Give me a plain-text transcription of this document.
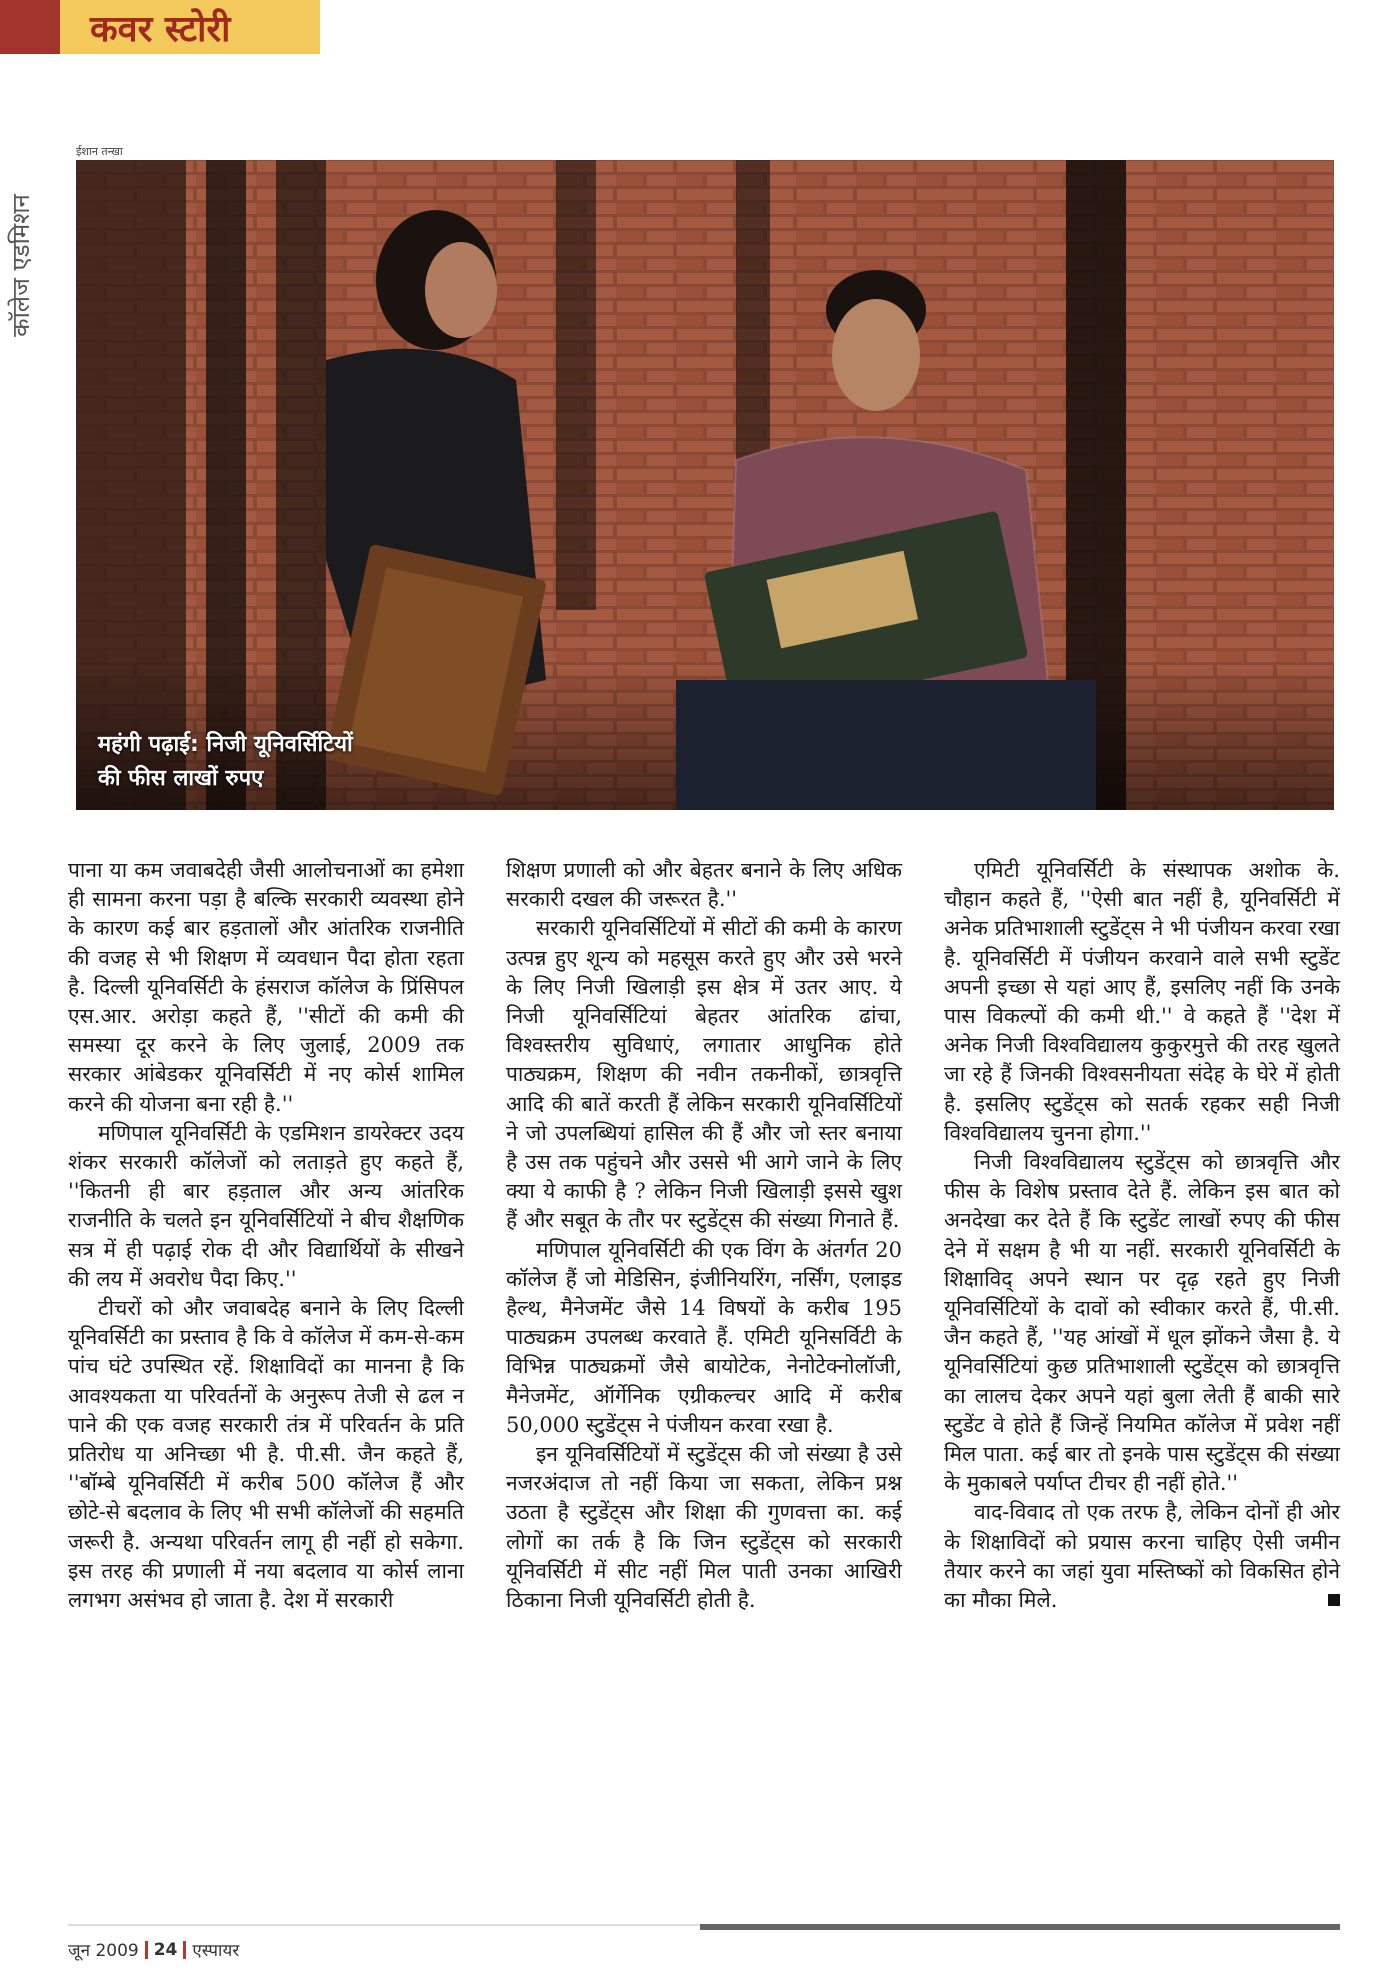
कवर स्टोरी
कॉलेज एडमिशन
ईशान तन्खा
महंगी पढ़ाई: निजी यूनिवर्सिटियों
की फीस लाखों रुपए

पाना या कम जवाबदेही जैसी आलोचनाओं का हमेशा ही सामना करना पड़ा है बल्कि सरकारी व्यवस्था होने के कारण कई बार हड़तालों और आंतरिक राजनीति की वजह से भी शिक्षण में व्यवधान पैदा होता रहता है. दिल्ली यूनिवर्सिटी के हंसराज कॉलेज के प्रिंसिपल एस.आर. अरोड़ा कहते हैं, ''सीटों की कमी की समस्या दूर करने के लिए जुलाई, 2009 तक सरकार आंबेडकर यूनिवर्सिटी में नए कोर्स शामिल करने की योजना बना रही है.''

मणिपाल यूनिवर्सिटी के एडमिशन डायरेक्टर उदय शंकर सरकारी कॉलेजों को लताड़ते हुए कहते हैं, ''कितनी ही बार हड़ताल और अन्य आंतरिक राजनीति के चलते इन यूनिवर्सिटियों ने बीच शैक्षणिक सत्र में ही पढ़ाई रोक दी और विद्यार्थियों के सीखने की लय में अवरोध पैदा किए.''

टीचरों को और जवाबदेह बनाने के लिए दिल्ली यूनिवर्सिटी का प्रस्ताव है कि वे कॉलेज में कम-से-कम पांच घंटे उपस्थित रहें. शिक्षाविदों का मानना है कि आवश्यकता या परिवर्तनों के अनुरूप तेजी से ढल न पाने की एक वजह सरकारी तंत्र में परिवर्तन के प्रति प्रतिरोध या अनिच्छा भी है. पी.सी. जैन कहते हैं, ''बॉम्बे यूनिवर्सिटी में करीब 500 कॉलेज हैं और छोटे-से बदलाव के लिए भी सभी कॉलेजों की सहमति जरूरी है. अन्यथा परिवर्तन लागू ही नहीं हो सकेगा. इस तरह की प्रणाली में नया बदलाव या कोर्स लाना लगभग असंभव हो जाता है. देश में सरकारी

शिक्षण प्रणाली को और बेहतर बनाने के लिए अधिक सरकारी दखल की जरूरत है.''

सरकारी यूनिवर्सिटियों में सीटों की कमी के कारण उत्पन्न हुए शून्य को महसूस करते हुए और उसे भरने के लिए निजी खिलाड़ी इस क्षेत्र में उतर आए. ये निजी यूनिवर्सिटियां बेहतर आंतरिक ढांचा, विश्वस्तरीय सुविधाएं, लगातार आधुनिक होते पाठ्यक्रम, शिक्षण की नवीन तकनीकों, छात्रवृत्ति आदि की बातें करती हैं लेकिन सरकारी यूनिवर्सिटियों ने जो उपलब्धियां हासिल की हैं और जो स्तर बनाया है उस तक पहुंचने और उससे भी आगे जाने के लिए क्या ये काफी है ? लेकिन निजी खिलाड़ी इससे खुश हैं और सबूत के तौर पर स्टुडेंट्स की संख्या गिनाते हैं.

मणिपाल यूनिवर्सिटी की एक विंग के अंतर्गत 20 कॉलेज हैं जो मेडिसिन, इंजीनियरिंग, नर्सिंग, एलाइड हैल्थ, मैनेजमेंट जैसे 14 विषयों के करीब 195 पाठ्यक्रम उपलब्ध करवाते हैं. एमिटी यूनिसर्विटी के विभिन्न पाठ्यक्रमों जैसे बायोटेक, नेनोटेक्नोलॉजी, मैनेजमेंट, ऑर्गेनिक एग्रीकल्चर आदि में करीब 50,000 स्टुडेंट्स ने पंजीयन करवा रखा है.

इन यूनिवर्सिटियों में स्टुडेंट्स की जो संख्या है उसे नजरअंदाज तो नहीं किया जा सकता, लेकिन प्रश्न उठता है स्टुडेंट्स और शिक्षा की गुणवत्ता का. कई लोगों का तर्क है कि जिन स्टुडेंट्स को सरकारी यूनिवर्सिटी में सीट नहीं मिल पाती उनका आखिरी ठिकाना निजी यूनिवर्सिटी होती है.

एमिटी यूनिवर्सिटी के संस्थापक अशोक के. चौहान कहते हैं, ''ऐसी बात नहीं है, यूनिवर्सिटी में अनेक प्रतिभाशाली स्टुडेंट्स ने भी पंजीयन करवा रखा है. यूनिवर्सिटी में पंजीयन करवाने वाले सभी स्टुडेंट अपनी इच्छा से यहां आए हैं, इसलिए नहीं कि उनके पास विकल्पों की कमी थी.'' वे कहते हैं ''देश में अनेक निजी विश्वविद्यालय कुकुरमुत्ते की तरह खुलते जा रहे हैं जिनकी विश्वसनीयता संदेह के घेरे में होती है. इसलिए स्टुडेंट्स को सतर्क रहकर सही निजी विश्वविद्यालय चुनना होगा.''

निजी विश्वविद्यालय स्टुडेंट्स को छात्रवृत्ति और फीस के विशेष प्रस्ताव देते हैं. लेकिन इस बात को अनदेखा कर देते हैं कि स्टुडेंट लाखों रुपए की फीस देने में सक्षम है भी या नहीं. सरकारी यूनिवर्सिटी के शिक्षाविद् अपने स्थान पर दृढ़ रहते हुए निजी यूनिवर्सिटियों के दावों को स्वीकार करते हैं, पी.सी. जैन कहते हैं, ''यह आंखों में धूल झोंकने जैसा है. ये यूनिवर्सिटियां कुछ प्रतिभाशाली स्टुडेंट्स को छात्रवृत्ति का लालच देकर अपने यहां बुला लेती हैं बाकी सारे स्टुडेंट वे होते हैं जिन्हें नियमित कॉलेज में प्रवेश नहीं मिल पाता. कई बार तो इनके पास स्टुडेंट्स की संख्या के मुकाबले पर्याप्त टीचर ही नहीं होते.''

वाद-विवाद तो एक तरफ है, लेकिन दोनों ही ओर के शिक्षाविदों को प्रयास करना चाहिए ऐसी जमीन तैयार करने का जहां युवा मस्तिष्कों को विकसित होने का मौका मिले.

जून 2009 24 एस्पायर
